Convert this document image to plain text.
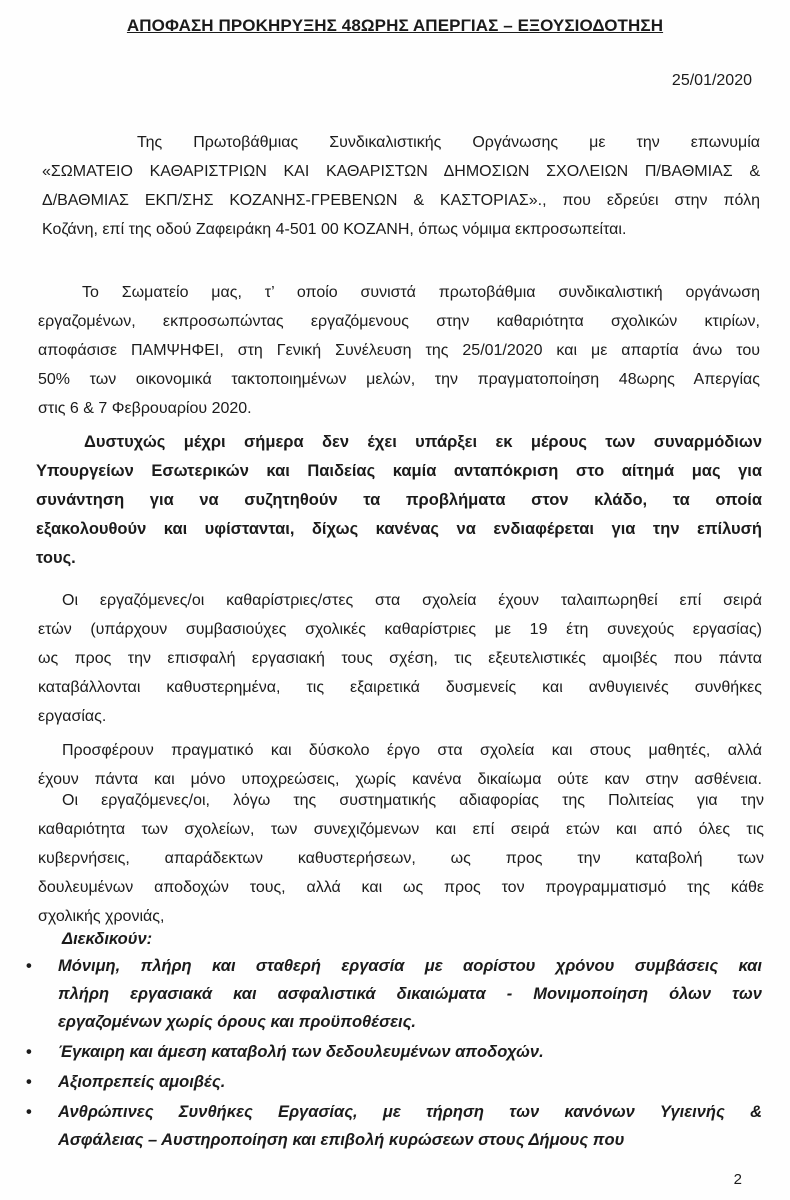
ΑΠΟΦΑΣΗ ΠΡΟΚΗΡΥΞΗΣ 48ΩΡΗΣ ΑΠΕΡΓΙΑΣ – ΕΞΟΥΣΙΟΔΟΤΗΣΗ
25/01/2020
Της Πρωτοβάθμιας Συνδικαλιστικής Οργάνωσης με την επωνυμία
«ΣΩΜΑΤΕΙΟ ΚΑΘΑΡΙΣΤΡΙΩΝ ΚΑΙ ΚΑΘΑΡΙΣΤΩΝ ΔΗΜΟΣΙΩΝ ΣΧΟΛΕΙΩΝ Π/ΒΑΘΜΙΑΣ &
Δ/ΒΑΘΜΙΑΣ ΕΚΠ/ΣΗΣ ΚΟΖΑΝΗΣ-ΓΡΕΒΕΝΩΝ & ΚΑΣΤΟΡΙΑΣ»., που εδρεύει στην πόλη
Κοζάνη, επί της οδού Ζαφειράκη 4-501 00 ΚΟΖΑΝΗ, όπως νόμιμα εκπροσωπείται.
Το Σωματείο μας, τ’ οποίο συνιστά πρωτοβάθμια συνδικαλιστική οργάνωση
εργαζομένων, εκπροσωπώντας εργαζόμενους στην καθαριότητα σχολικών κτιρίων,
αποφάσισε ΠΑΜΨΗΦΕΙ, στη Γενική Συνέλευση της 25/01/2020 και με απαρτία άνω του
50% των οικονομικά τακτοποιημένων μελών, την πραγματοποίηση 48ωρης Απεργίας
στις 6 & 7 Φεβρουαρίου 2020.
Δυστυχώς μέχρι σήμερα δεν έχει υπάρξει εκ μέρους των συναρμόδιων
Υπουργείων Εσωτερικών και Παιδείας καμία ανταπόκριση στο αίτημά μας για
συνάντηση για να συζητηθούν τα προβλήματα στον κλάδο, τα οποία
εξακολουθούν και υφίστανται, δίχως κανένας να ενδιαφέρεται για την επίλυσή
τους.
Οι εργαζόμενες/οι καθαρίστριες/στες στα σχολεία έχουν ταλαιπωρηθεί επί σειρά
ετών (υπάρχουν συμβασιούχες σχολικές καθαρίστριες με 19 έτη συνεχούς εργασίας)
ως προς την επισφαλή εργασιακή τους σχέση, τις εξευτελιστικές αμοιβές που πάντα
καταβάλλονται καθυστερημένα, τις εξαιρετικά δυσμενείς και ανθυγιεινές συνθήκες
εργασίας.
Προσφέρουν πραγματικό και δύσκολο έργο στα σχολεία και στους μαθητές, αλλά
έχουν πάντα και μόνο υποχρεώσεις, χωρίς κανένα δικαίωμα ούτε καν στην ασθένεια.
Οι εργαζόμενες/οι, λόγω της συστηματικής αδιαφορίας της Πολιτείας για την
καθαριότητα των σχολείων, των συνεχιζόμενων και επί σειρά ετών και από όλες τις
κυβερνήσεις, απαράδεκτων καθυστερήσεων, ως προς την καταβολή των
δουλευμένων αποδοχών τους, αλλά και ως προς τον προγραμματισμό της κάθε
σχολικής χρονιάς,
Διεκδικούν:
• Μόνιμη, πλήρη και σταθερή εργασία με αορίστου χρόνου συμβάσεις και
πλήρη εργασιακά και ασφαλιστικά δικαιώματα - Μονιμοποίηση όλων των
εργαζομένων χωρίς όρους και προϋποθέσεις.
• Έγκαιρη και άμεση καταβολή των δεδουλευμένων αποδοχών.
• Αξιοπρεπείς αμοιβές.
• Ανθρώπινες Συνθήκες Εργασίας, με τήρηση των κανόνων Υγιεινής &
Ασφάλειας – Αυστηροποίηση και επιβολή κυρώσεων στους Δήμους που
2
